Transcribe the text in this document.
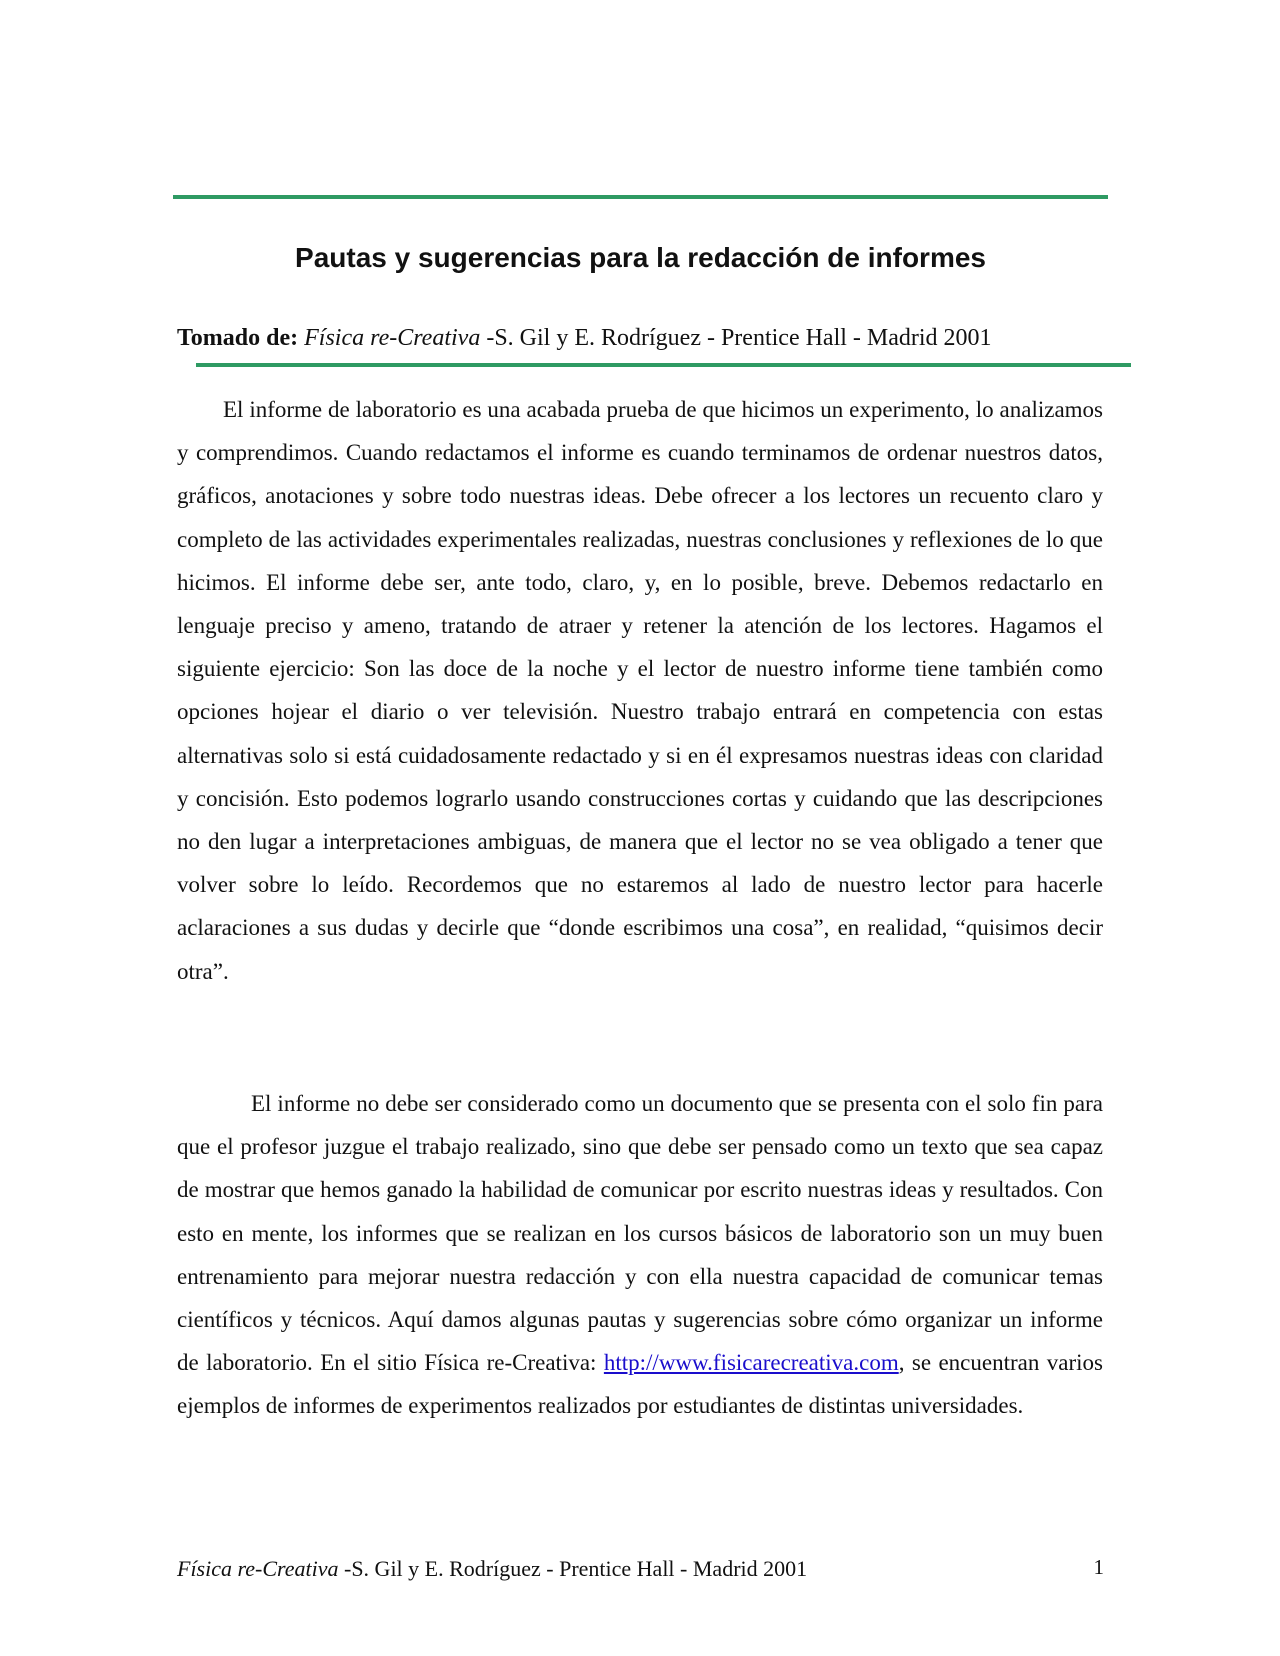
Pautas y sugerencias para la redacción de informes
Tomado de: Física re-Creativa -S. Gil y E. Rodríguez - Prentice Hall - Madrid 2001

El informe de laboratorio es una acabada prueba de que hicimos un experimento, lo analizamos y comprendimos. Cuando redactamos el informe es cuando terminamos de ordenar nuestros datos, gráficos, anotaciones y sobre todo nuestras ideas. Debe ofrecer a los lectores un recuento claro y completo de las actividades experimentales realizadas, nuestras conclusiones y reflexiones de lo que hicimos. El informe debe ser, ante todo, claro, y, en lo posible, breve. Debemos redactarlo en lenguaje preciso y ameno, tratando de atraer y retener la atención de los lectores. Hagamos el siguiente ejercicio: Son las doce de la noche y el lector de nuestro informe tiene también como opciones hojear el diario o ver televisión. Nuestro trabajo entrará en competencia con estas alternativas solo si está cuidadosamente redactado y si en él expresamos nuestras ideas con claridad y concisión. Esto podemos lograrlo usando construcciones cortas y cuidando que las descripciones no den lugar a interpretaciones ambiguas, de manera que el lector no se vea obligado a tener que volver sobre lo leído. Recordemos que no estaremos al lado de nuestro lector para hacerle aclaraciones a sus dudas y decirle que “donde escribimos una cosa”, en realidad, “quisimos decir otra”.

El informe no debe ser considerado como un documento que se presenta con el solo fin para que el profesor juzgue el trabajo realizado, sino que debe ser pensado como un texto que sea capaz de mostrar que hemos ganado la habilidad de comunicar por escrito nuestras ideas y resultados. Con esto en mente, los informes que se realizan en los cursos básicos de laboratorio son un muy buen entrenamiento para mejorar nuestra redacción y con ella nuestra capacidad de comunicar temas científicos y técnicos. Aquí damos algunas pautas y sugerencias sobre cómo organizar un informe de laboratorio. En el sitio Física re-Creativa: http://www.fisicarecreativa.com, se encuentran varios ejemplos de informes de experimentos realizados por estudiantes de distintas universidades.

Física re-Creativa -S. Gil y E. Rodríguez - Prentice Hall - Madrid 2001	1
